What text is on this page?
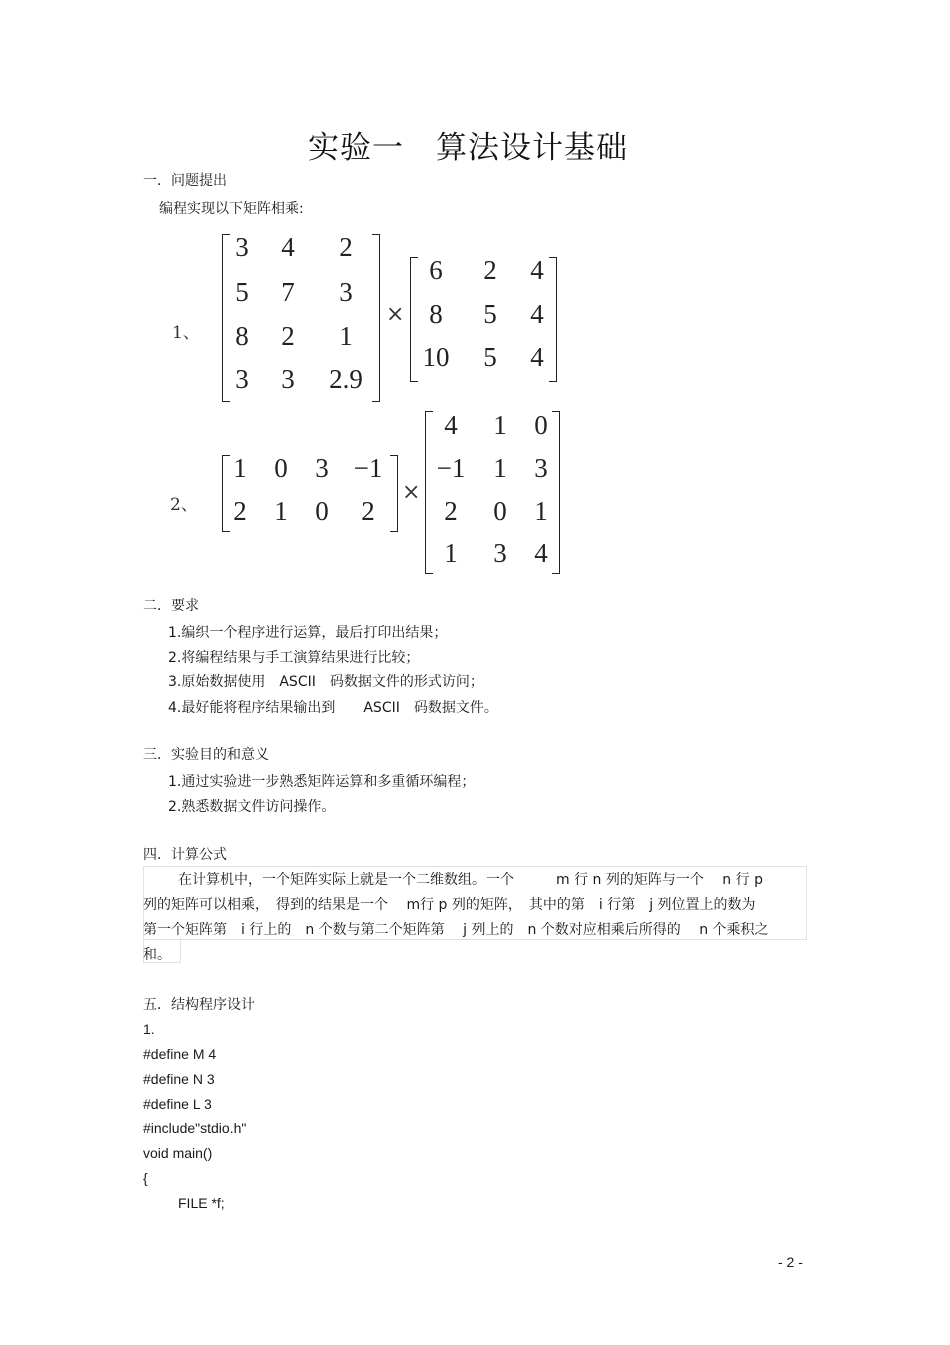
实验一　算法设计基础
一．问题提出
编程实现以下矩阵相乘:
1、
3 4 2
5 7 3
8 2 1
3 3 2.9
×
6 2 4
8 5 4
10 5 4
2、
1 0 3 −1
2 1 0 2
×
4 1 0
−1 1 3
2 0 1
1 3 4
二．要求
1.编织一个程序进行运算，最后打印出结果；
2.将编程结果与手工演算结果进行比较；
3.原始数据使用　ASCII　码数据文件的形式访问；
4.最好能将程序结果输出到　　ASCII　码数据文件。
三．实验目的和意义
1.通过实验进一步熟悉矩阵运算和多重循环编程；
2.熟悉数据文件访问操作。
四．计算公式
在计算机中，一个矩阵实际上就是一个二维数组。一个　　　m 行 n 列的矩阵与一个　 n 行 p
列的矩阵可以相乘，　得到的结果是一个　 m行 p 列的矩阵，　其中的第　i 行第　j 列位置上的数为
第一个矩阵第　i 行上的　n 个数与第二个矩阵第　 j 列上的　n 个数对应相乘后所得的　 n 个乘积之
和。
五．结构程序设计
1.
#define M 4
#define N 3
#define L 3
#include"stdio.h"
void main()
{
FILE *f;
- 2 -
